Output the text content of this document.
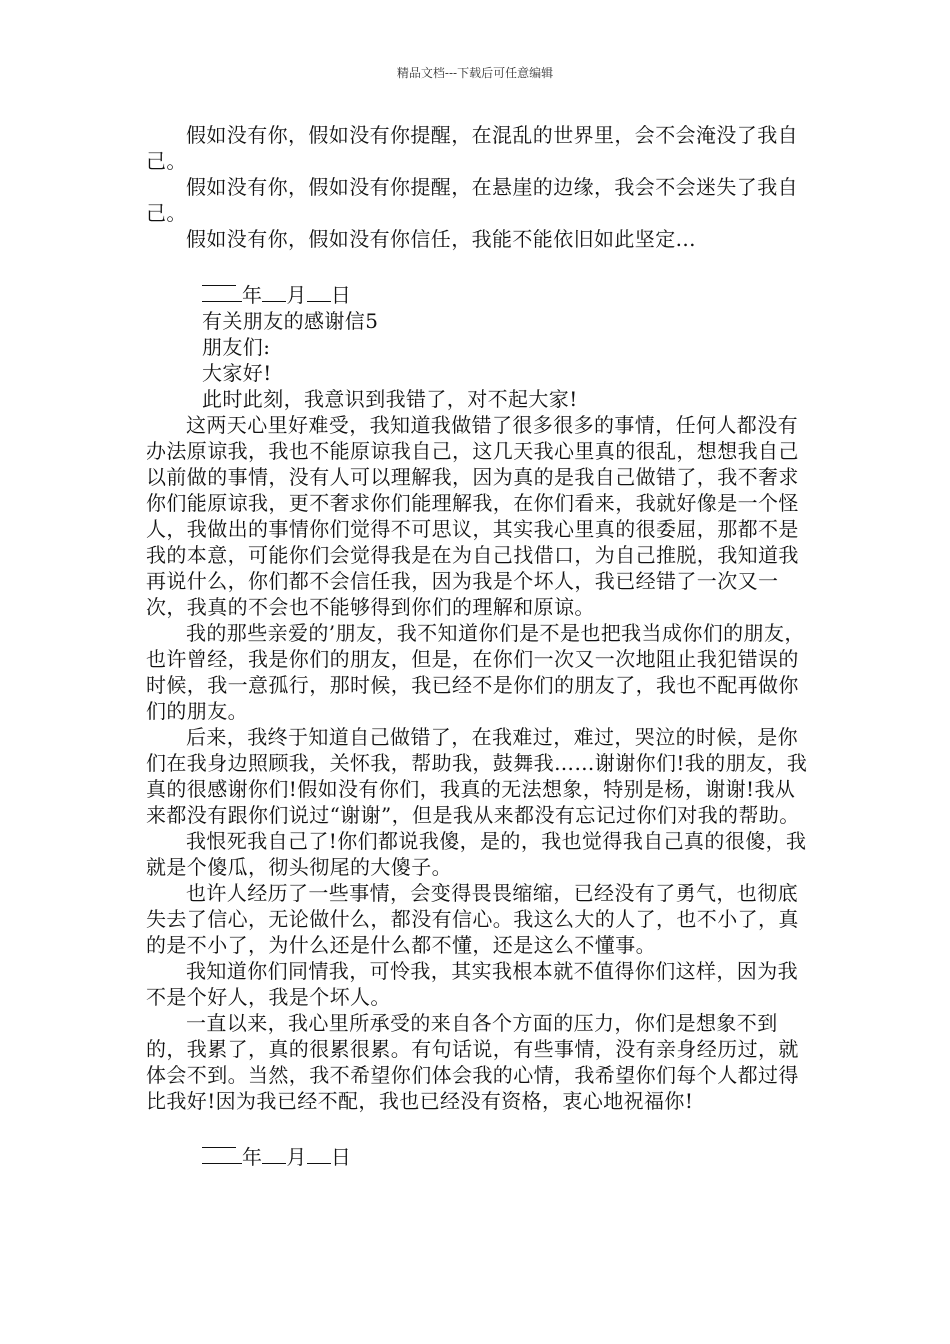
精品文档---下载后可任意编辑

假如没有你，假如没有你提醒，在混乱的世界里，会不会淹没了我自己。

假如没有你，假如没有你提醒，在悬崖的边缘，我会不会迷失了我自己。

假如没有你，假如没有你信任，我能不能依旧如此坚定...

年 月 日

有关朋友的感谢信5

朋友们:

大家好!

此时此刻，我意识到我错了，对不起大家!

这两天心里好难受，我知道我做错了很多很多的事情，任何人都没有办法原谅我，我也不能原谅我自己，这几天我心里真的很乱，想想我自己以前做的事情，没有人可以理解我，因为真的是我自己做错了，我不奢求你们能原谅我，更不奢求你们能理解我，在你们看来，我就好像是一个怪人，我做出的事情你们觉得不可思议，其实我心里真的很委屈，那都不是我的本意，可能你们会觉得我是在为自己找借口，为自己推脱，我知道我再说什么，你们都不会信任我，因为我是个坏人，我已经错了一次又一次，我真的不会也不能够得到你们的理解和原谅。

我的那些亲爱的’朋友，我不知道你们是不是也把我当成你们的朋友，也许曾经，我是你们的朋友，但是，在你们一次又一次地阻止我犯错误的时候，我一意孤行，那时候，我已经不是你们的朋友了，我也不配再做你们的朋友。

后来，我终于知道自己做错了，在我难过，难过，哭泣的时候，是你们在我身边照顾我，关怀我，帮助我，鼓舞我……谢谢你们!我的朋友，我真的很感谢你们!假如没有你们，我真的无法想象，特别是杨，谢谢!我从来都没有跟你们说过“谢谢”，但是我从来都没有忘记过你们对我的帮助。

我恨死我自己了!你们都说我傻，是的，我也觉得我自己真的很傻，我就是个傻瓜，彻头彻尾的大傻子。

也许人经历了一些事情，会变得畏畏缩缩，已经没有了勇气，也彻底失去了信心，无论做什么，都没有信心。我这么大的人了，也不小了，真的是不小了，为什么还是什么都不懂，还是这么不懂事。

我知道你们同情我，可怜我，其实我根本就不值得你们这样，因为我不是个好人，我是个坏人。

一直以来，我心里所承受的来自各个方面的压力，你们是想象不到的，我累了，真的很累很累。有句话说，有些事情，没有亲身经历过，就体会不到。当然，我不希望你们体会我的心情，我希望你们每个人都过得比我好!因为我已经不配，我也已经没有资格，衷心地祝福你!

年 月 日
